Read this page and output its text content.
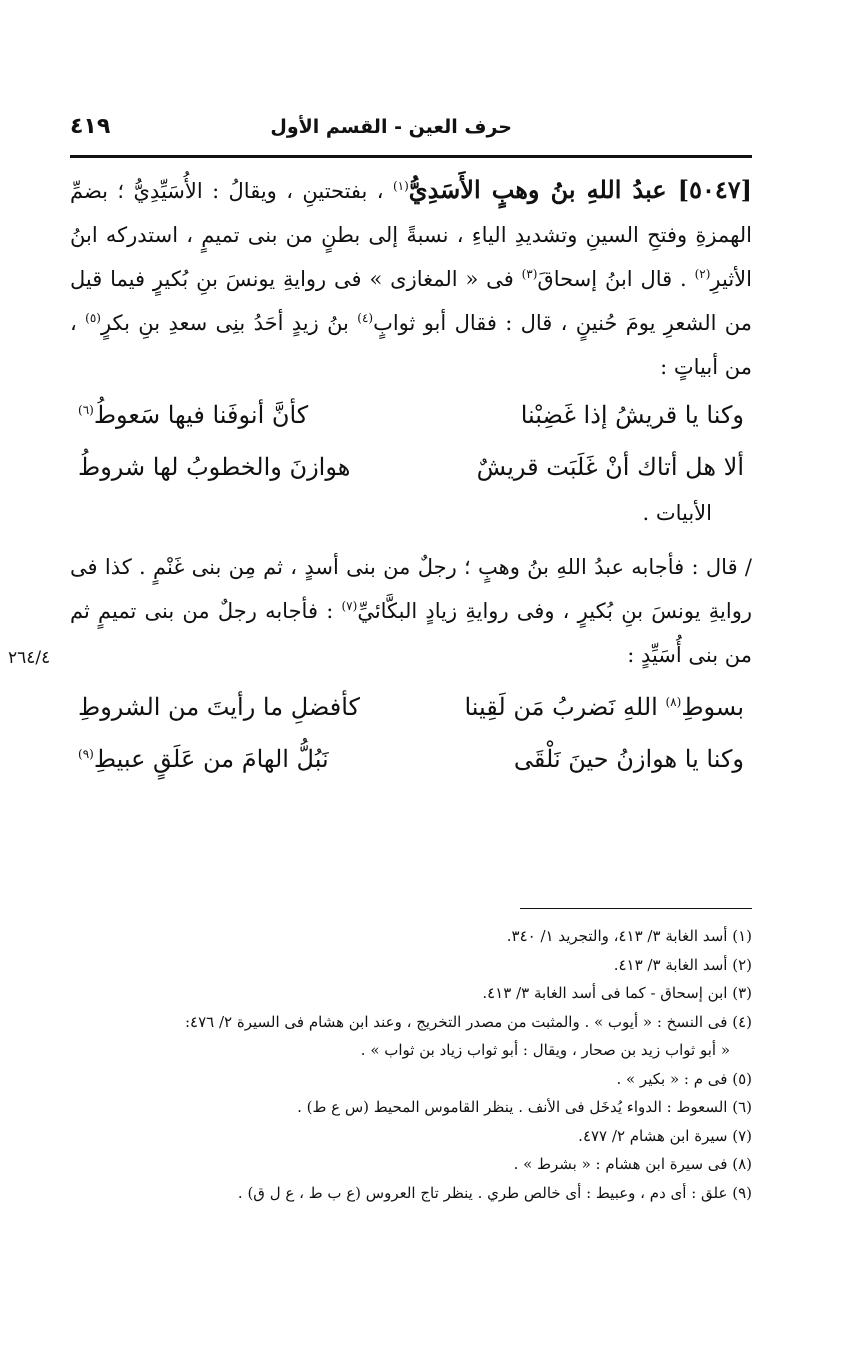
حرف العين - القسم الأول
٤١٩
٢٦٤/٤

[٥٠٤٧] عبدُ اللهِ بنُ وهبٍ الأَسَدِيُّ$^{(١)}$ ، بفتحتينِ ، ويقالُ : الأُسَيِّدِيُّ ؛ بضمِّ الهمزةِ وفتحِ السينِ وتشديدِ الياءِ ، نسبةً إلى بطنٍ من بنى تميمٍ ، استدركه ابنُ الأثيرِ$^{(٢)}$ . قال ابنُ إسحاقَ$^{(٣)}$ فى « المغازى » فى روايةِ يونسَ بنِ بُكيرٍ فيما قيل من الشعرِ يومَ حُنينٍ ، قال : فقال أبو ثوابٍ$^{(٤)}$ بنُ زيدٍ أحَدُ بنِى سعدِ بنِ بكرٍ$^{(٥)}$ ، من أبياتٍ :

وكنا يا قريشُ إذا غَضِبْنا
كأنَّ أنوفَنا فيها سَعوطُ$^{(٦)}$
ألا هل أتاك أنْ غَلَبَت قريشٌ
هوازنَ والخطوبُ لها شروطُ
الأبيات .

/ قال : فأجابه عبدُ اللهِ بنُ وهبٍ ؛ رجلٌ من بنى أسدٍ ، ثم مِن بنى غَنْمٍ . كذا فى روايةِ يونسَ بنِ بُكيرٍ ، وفى روايةِ زيادٍ البكَّائيِّ$^{(٧)}$ : فأجابه رجلٌ من بنى تميمٍ ثم من بنى أُسَيِّدٍ :

بسوطِ$^{(٨)}$ اللهِ نَضربُ مَن لَقِينا
كأفضلِ ما رأيتَ من الشروطِ
وكنا يا هوازنُ حينَ نَلْقَى
نَبُلُّ الهامَ من عَلَقٍ عبيطِ$^{(٩)}$

(١) أسد الغابة ٣/ ٤١٣، والتجريد ١/ ٣٤٠.

(٢) أسد الغابة ٣/ ٤١٣.

(٣) ابن إسحاق - كما فى أسد الغابة ٣/ ٤١٣.

(٤) فى النسخ : « أيوب » . والمثبت من مصدر التخريج ، وعند ابن هشام فى السيرة ٢/ ٤٧٦:

« أبو ثواب زيد بن صحار ، ويقال : أبو ثواب زياد بن ثواب » .

(٥) فى م : « بكير » .

(٦) السعوط : الدواء يُدخَل فى الأنف . ينظر القاموس المحيط (س ع ط) .

(٧) سيرة ابن هشام ٢/ ٤٧٧.

(٨) فى سيرة ابن هشام : « بشرط » .

(٩) علق : أى دم ، وعبيط : أى خالص طري . ينظر تاج العروس (ع ب ط ، ع ل ق) .
